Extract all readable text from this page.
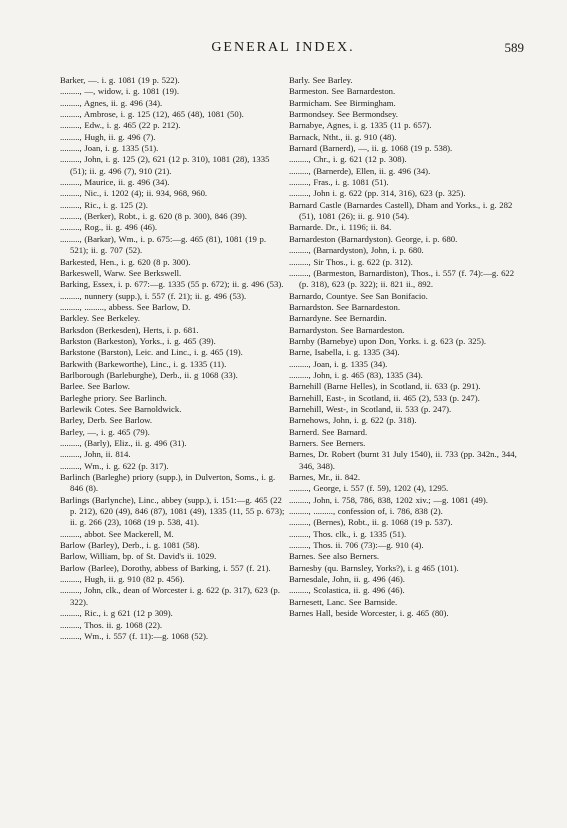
GENERAL INDEX.	589
Barker, —. i. g. 1081 (19 p. 522).
........., —, widow, i. g. 1081 (19).
........., Agnes, ii. g. 496 (34).
........., Ambrose, i. g. 125 (12), 465 (48), 1081 (50).
........., Edw., i. g. 465 (22 p. 212).
........., Hugh, ii. g. 496 (7).
........., Joan, i. g. 1335 (51).
........., John, i. g. 125 (2), 621 (12 p. 310), 1081 (28), 1335 (51); ii. g. 496 (7), 910 (21).
........., Maurice, ii. g. 496 (34).
........., Nic., i. 1202 (4); ii. 934, 968, 960.
........., Ric., i. g. 125 (2).
........., (Berker), Robt., i. g. 620 (8 p. 300), 846 (39).
........., Rog., ii. g. 496 (46).
........., (Barkar), Wm., i. p. 675:—g. 465 (81), 1081 (19 p. 521); ii. g. 707 (52).
Barkested, Hen., i. g. 620 (8 p. 300).
Barkeswell, Warw. See Berkswell.
Barking, Essex, i. p. 677:—g. 1335 (55 p. 672); ii. g. 496 (53).
........., nunnery (supp.), i. 557 (f. 21); ii. g. 496 (53).
........., ........., abbess. See Barlow, D.
Barkley. See Berkeley.
Barksdon (Berkesden), Herts, i. p. 681.
Barkston (Barkeston), Yorks., i. g. 465 (39).
Barkstone (Barston), Leic. and Linc., i. g. 465 (19).
Barkwith (Barkeworthe), Linc., i. g. 1335 (11).
Barlborough (Barleburghe), Derb., ii. g 1068 (33).
Barlee. See Barlow.
Barleghe priory. See Barlinch.
Barlewik Cotes. See Barnoldwick.
Barley, Derb. See Barlow.
Barley, —, i. g. 465 (79).
........., (Barly), Eliz., ii. g. 496 (31).
........., John, ii. 814.
........., Wm., i. g. 622 (p. 317).
Barlinch (Barleghe) priory (supp.), in Dulverton, Soms., i. g. 846 (8).
Barlings (Barlynche), Linc., abbey (supp.), i. 151:—g. 465 (22 p. 212), 620 (49), 846 (87), 1081 (49), 1335 (11, 55 p. 673); ii. g. 266 (23), 1068 (19 p. 538, 41).
........., abbot. See Mackerell, M.
Barlow (Barley), Derb., i. g. 1081 (58).
Barlow, William, bp. of St. David's ii. 1029.
Barlow (Barlee), Dorothy, abbess of Barking, i. 557 (f. 21).
........., Hugh, ii. g. 910 (82 p. 456).
........., John, clk., dean of Worcester i. g. 622 (p. 317), 623 (p. 322).
........., Ric., i. g 621 (12 p 309).
........., Thos. ii. g. 1068 (22).
........., Wm., i. 557 (f. 11):—g. 1068 (52).
Barly. See Barley.
Barmeston. See Barnardeston.
Barmicham. See Birmingham.
Barmondsey. See Bermondsey.
Barnabye, Agnes, i. g. 1335 (11 p. 657).
Barnack, Ntht., ii. g. 910 (48).
Barnard (Barnerd), —, ii. g. 1068 (19 p. 538).
........., Chr., i. g. 621 (12 p. 308).
........., (Barnerde), Ellen, ii. g. 496 (34).
........., Fras., i. g. 1081 (51).
........., John i. g. 622 (pp. 314, 316), 623 (p. 325).
Barnard Castle (Barnardes Castell), Dham and Yorks., i. g. 282 (51), 1081 (26); ii. g. 910 (54).
Barnarde. Dr., i. 1196; ii. 84.
Barnardeston (Barnardyston). George, i. p. 680.
........., (Barnardyston), John, i. p. 680.
........., Sir Thos., i. g. 622 (p. 312).
........., (Barmeston, Barnardiston), Thos., i. 557 (f. 74):—g. 622 (p. 318), 623 (p. 322); ii. 821 ii., 892.
Barnardo, Countye. See San Bonifacio.
Barnardston. See Barnardeston.
Barnardyne. See Bernardin.
Barnardyston. See Barnardeston.
Barnby (Barnebye) upon Don, Yorks. i. g. 623 (p. 325).
Barne, Isabella, i. g. 1335 (34).
........., Joan, i. g. 1335 (34).
........., John, i. g. 465 (83), 1335 (34).
Barnehill (Barne Helles), in Scotland, ii. 633 (p. 291).
Barnehill, East-, in Scotland, ii. 465 (2), 533 (p. 247).
Barnehill, West-, in Scotland, ii. 533 (p. 247).
Barnehows, John, i. g. 622 (p. 318).
Barnerd. See Barnard.
Barners. See Berners.
Barnes, Dr. Robert (burnt 31 July 1540), ii. 733 (pp. 342n., 344, 346, 348).
Barnes, Mr., ii. 842.
........., George, i. 557 (f. 59), 1202 (4), 1295.
........., John, i. 758, 786, 838, 1202 xiv.; —g. 1081 (49).
........., ........., confession of, i. 786, 838 (2).
........., (Bernes), Robt., ii. g. 1068 (19 p. 537).
........., Thos. clk., i. g. 1335 (51).
........., Thos. ii. 706 (73):—g. 910 (4).
Barnes. See also Berners.
Barnesby (qu. Barnsley, Yorks?), i. g 465 (101).
Barnesdale, John, ii. g. 496 (46).
........., Scolastica, ii. g. 496 (46).
Barnesett, Lanc. See Barnside.
Barnes Hall, beside Worcester, i. g. 465 (80).
